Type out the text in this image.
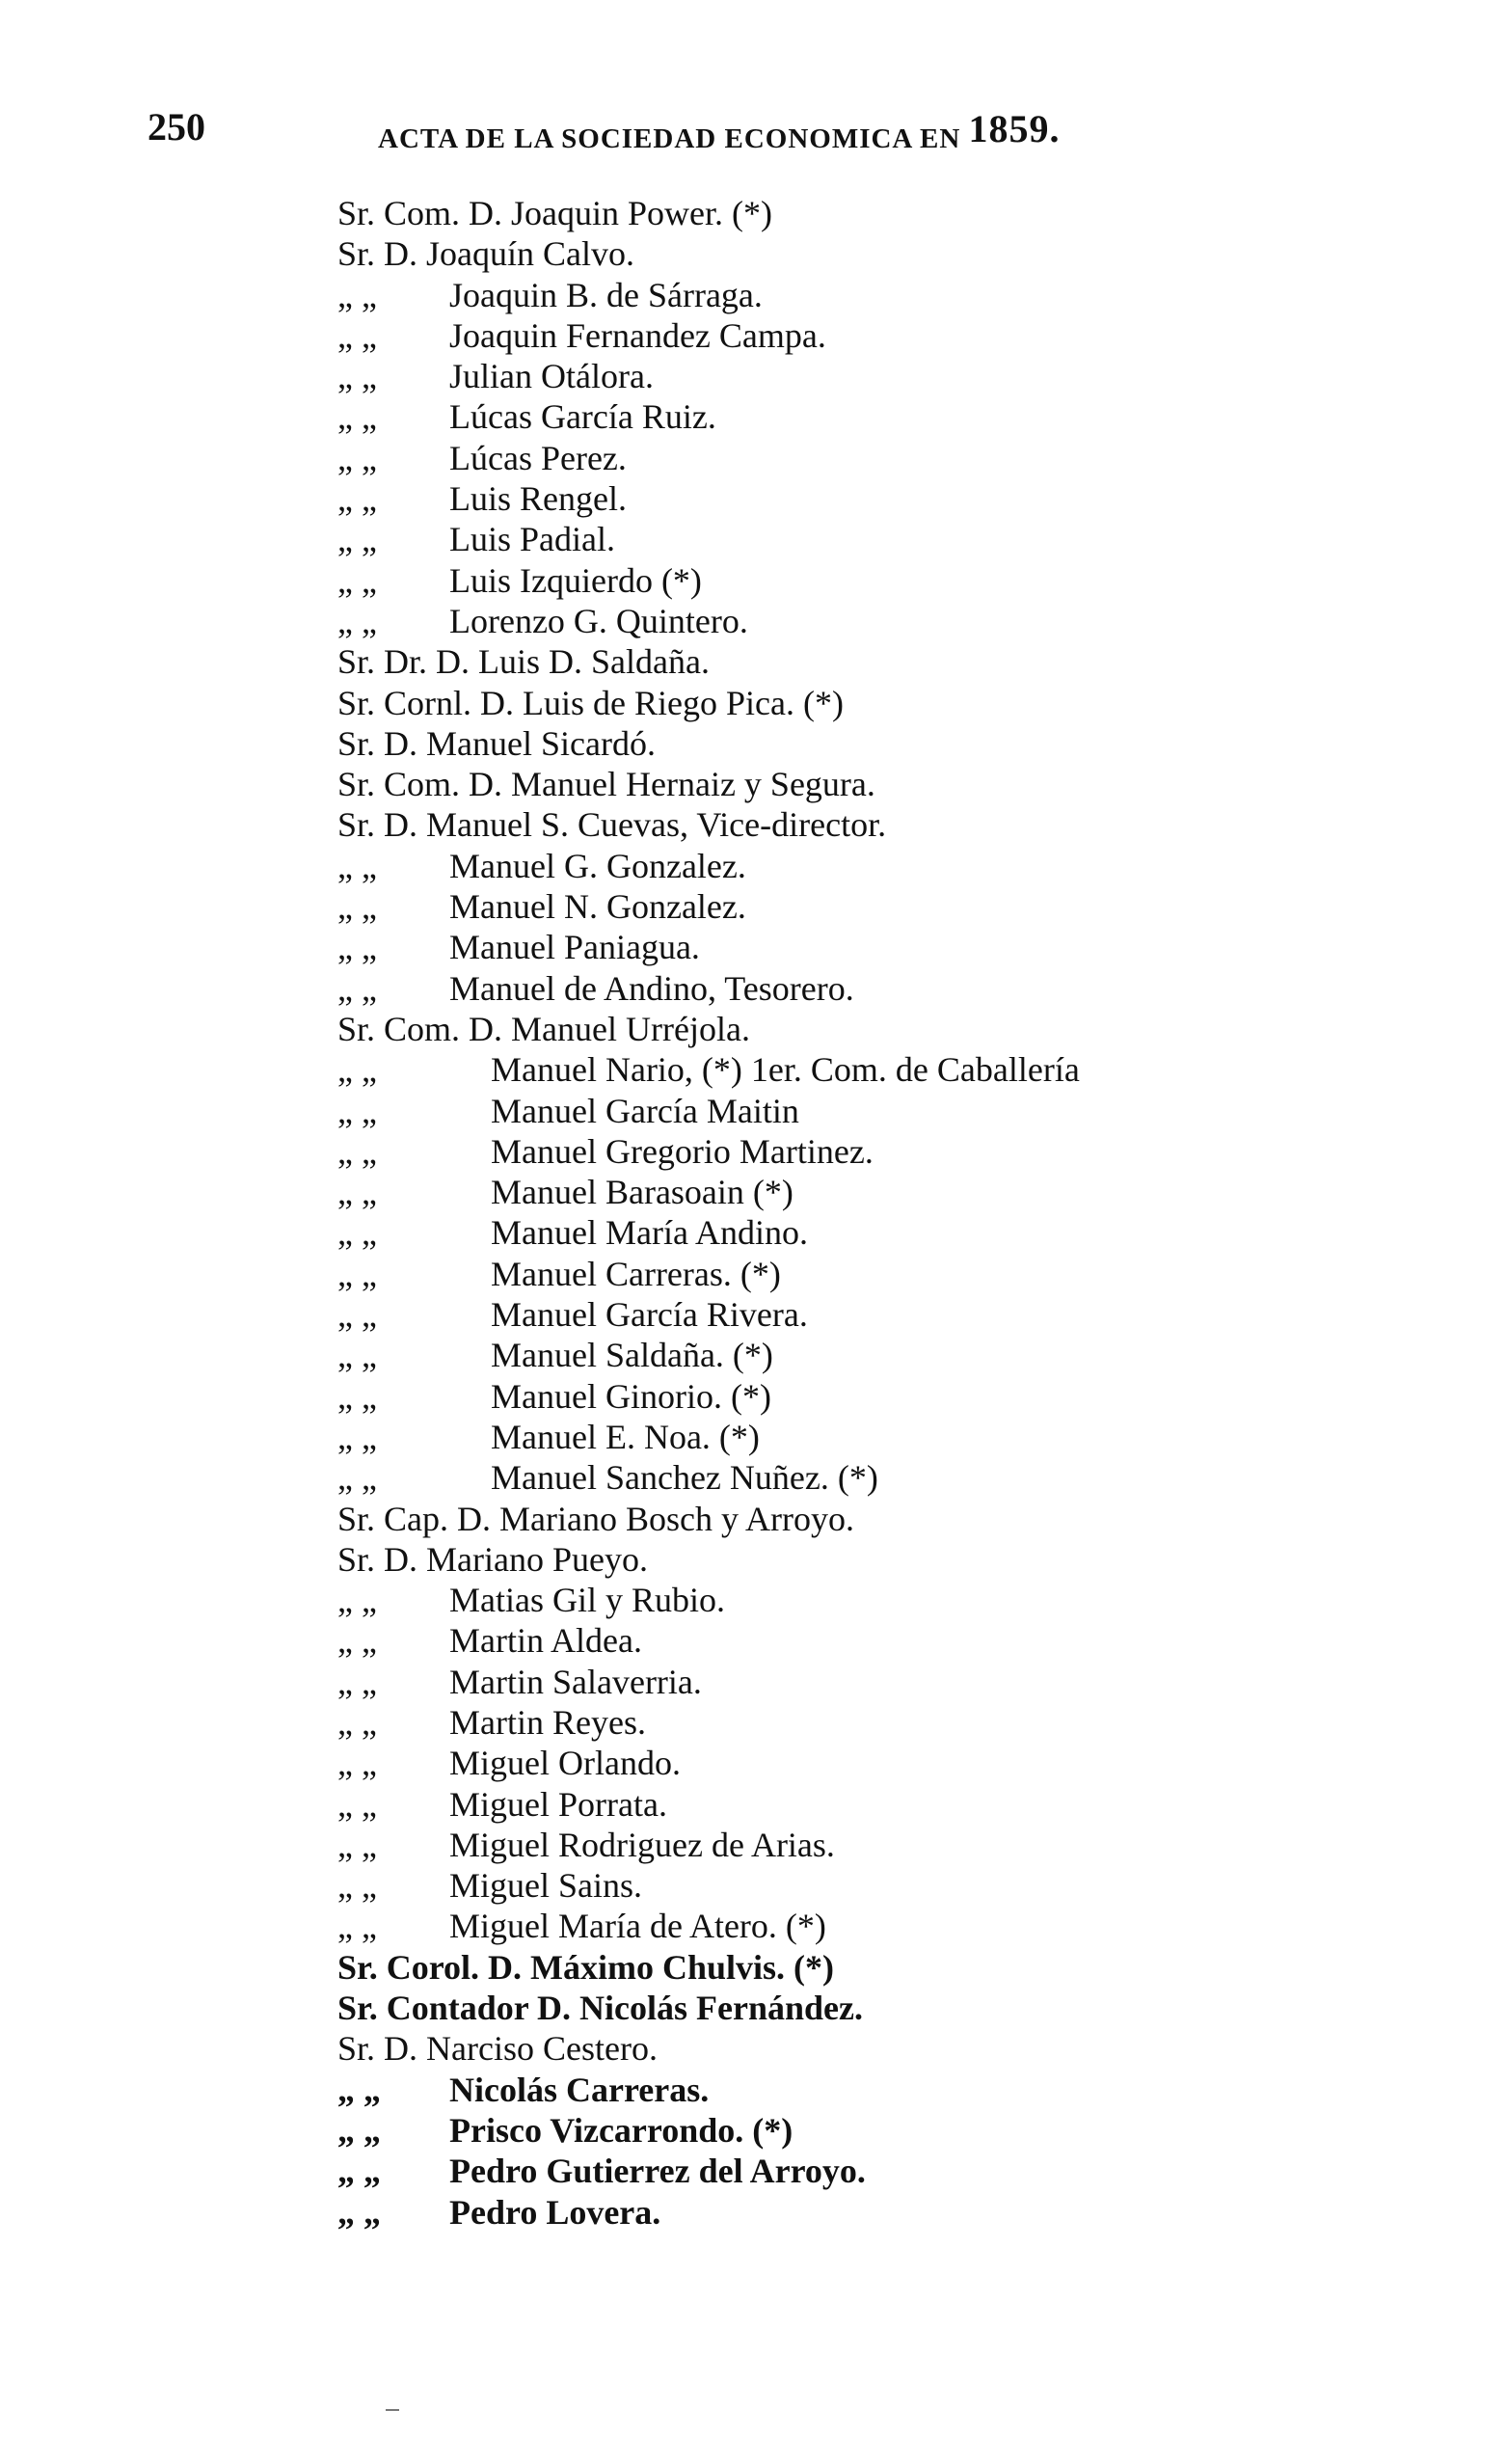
250	ACTA DE LA SOCIEDAD ECONOMICA EN 1859.
Sr. Com. D. Joaquin Power. (*)
Sr. D. Joaquín Calvo.
„ „ Joaquin B. de Sárraga.
„ „ Joaquin Fernandez Campa.
„ „ Julian Otálora.
„ „ Lúcas García Ruiz.
„ „ Lúcas Perez.
„ „ Luis Rengel.
„ „ Luis Padial.
„ „ Luis Izquierdo (*)
„ „ Lorenzo G. Quintero.
Sr. Dr. D. Luis D. Saldaña.
Sr. Cornl. D. Luis de Riego Pica. (*)
Sr. D. Manuel Sicardó.
Sr. Com. D. Manuel Hernaiz y Segura.
Sr. D. Manuel S. Cuevas, Vice-director.
„ „ Manuel G. Gonzalez.
„ „ Manuel N. Gonzalez.
„ „ Manuel Paniagua.
„ „ Manuel de Andino, Tesorero.
Sr. Com. D. Manuel Urréjola.
„ „	Manuel Nario, (*) 1er. Com. de Caballería
„ „	Manuel García Maitin
„ „	Manuel Gregorio Martinez.
„ „	Manuel Barasoain (*)
„ „	Manuel María Andino.
„ „	Manuel Carreras. (*)
„ „	Manuel García Rivera.
„ „	Manuel Saldaña. (*)
„ „	Manuel Ginorio. (*)
„ „	Manuel E. Noa. (*)
„ „	Manuel Sanchez Nuñez. (*)
Sr. Cap. D. Mariano Bosch y Arroyo.
Sr. D. Mariano Pueyo.
„ „ Matias Gil y Rubio.
„ „ Martin Aldea.
„ „ Martin Salaverria.
„ „ Martin Reyes.
„ „ Miguel Orlando.
„ „ Miguel Porrata.
„ „ Miguel Rodriguez de Arias.
„ „ Miguel Sains.
„ „ Miguel María de Atero. (*)
Sr. Corol. D. Máximo Chulvis. (*)
Sr. Contador D. Nicolás Fernández.
Sr. D. Narciso Cestero.
„ „ Nicolás Carreras.
„ „ Prisco Vizcarrondo. (*)
„ „ Pedro Gutierrez del Arroyo.
„ „ Pedro Lovera.
